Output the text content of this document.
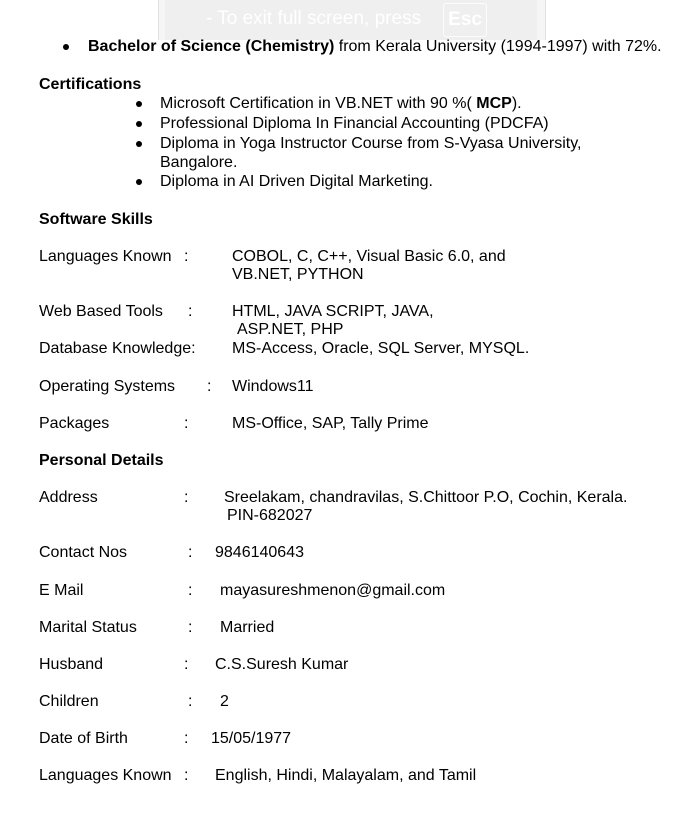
- To exit full screen, press Esc
Bachelor of Science (Chemistry) from Kerala University (1994-1997) with 72%.
Certifications
Microsoft Certification in VB.NET with 90 %( MCP).
Professional Diploma In Financial Accounting (PDCFA)
Diploma in Yoga Instructor Course from S-Vyasa University,
Bangalore.
Diploma in AI Driven Digital Marketing.
Software Skills
Languages Known :	COBOL, C, C++, Visual Basic 6.0, and
VB.NET, PYTHON
Web Based Tools : HTML, JAVA SCRIPT, JAVA,
ASP.NET, PHP
Database Knowledge: MS-Access, Oracle, SQL Server, MYSQL.
Operating Systems : Windows11
Packages	:	MS-Office, SAP, Tally Prime
Personal Details
Address	: Sreelakam, chandravilas, S.Chittoor P.O, Cochin, Kerala.
PIN-682027
Contact Nos	: 9846140643
E Mail	: mayasureshmenon@gmail.com
Marital Status	: Married
Husband	: C.S.Suresh Kumar
Children	: 2
Date of Birth	: 15/05/1977
Languages Known : English, Hindi, Malayalam, and Tamil
